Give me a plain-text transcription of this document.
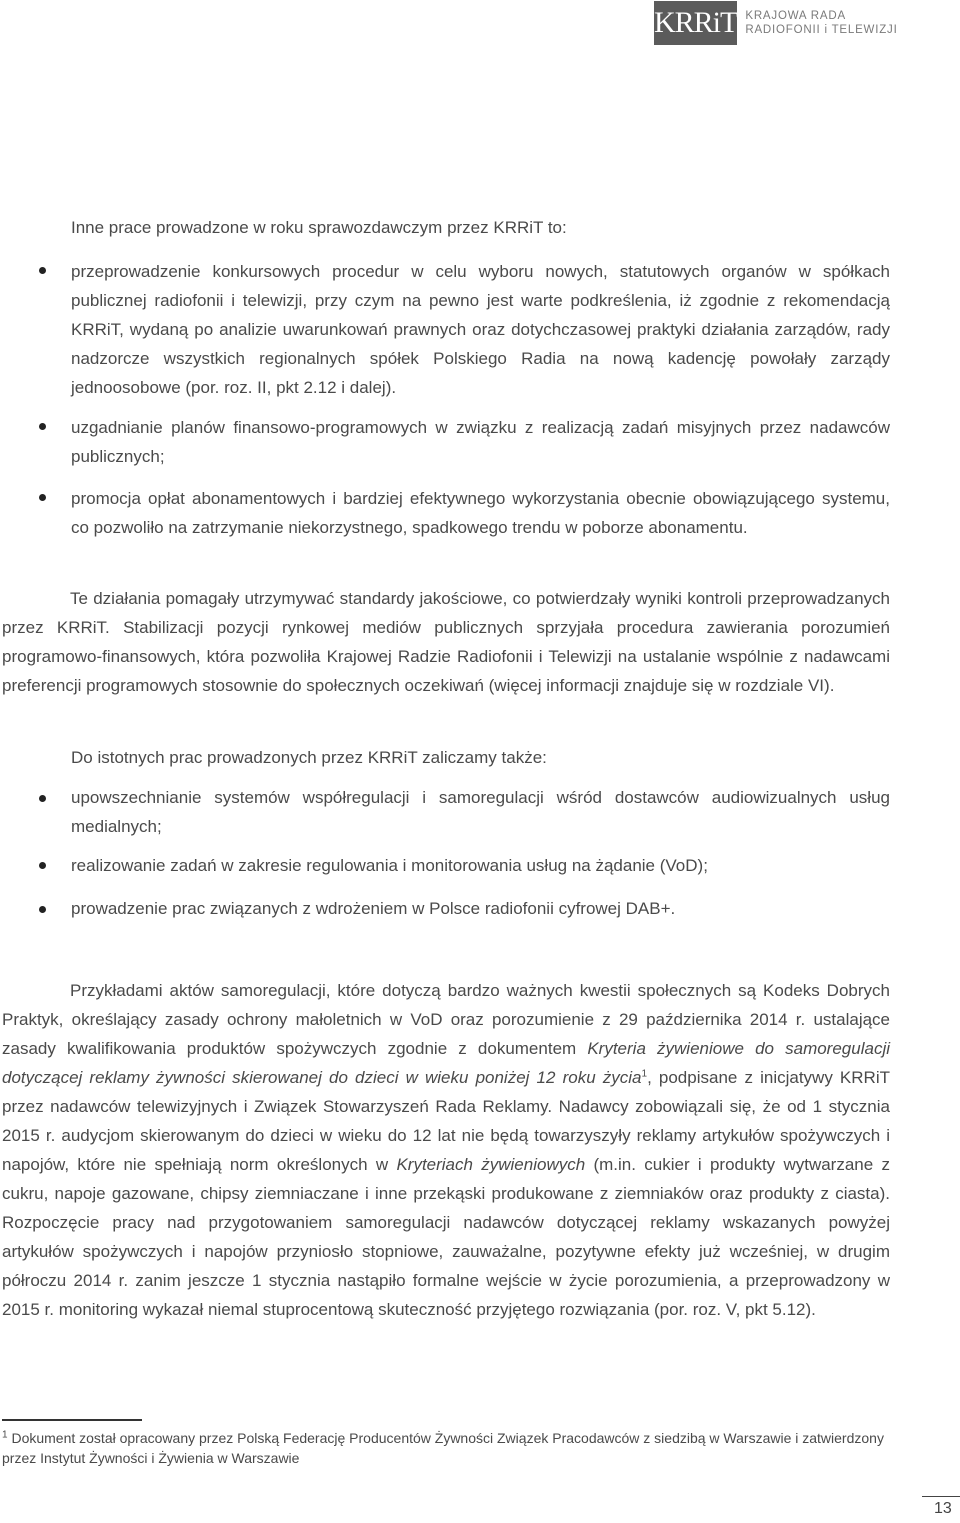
KRRiT KRAJOWA RADA
RADIOFONII i TELEWIZJI

Inne prace prowadzone w roku sprawozdawczym przez KRRiT to:

przeprowadzenie konkursowych procedur w celu wyboru nowych, statutowych organów w spółkach publicznej radiofonii i telewizji, przy czym na pewno jest warte podkreślenia, iż zgodnie z rekomendacją KRRiT, wydaną po analizie uwarunkowań prawnych oraz dotychczasowej praktyki działania zarządów, rady nadzorcze wszystkich regionalnych spółek Polskiego Radia na nową kadencję powołały zarządy jednoosobowe (por. roz. II, pkt 2.12 i dalej).

uzgadnianie planów finansowo-programowych w związku z realizacją zadań misyjnych przez nadawców publicznych;

promocja opłat abonamentowych i bardziej efektywnego wykorzystania obecnie obowiązującego systemu, co pozwoliło na zatrzymanie niekorzystnego, spadkowego trendu w poborze abonamentu.

Te działania pomagały utrzymywać standardy jakościowe, co potwierdzały wyniki kontroli przeprowadzanych przez KRRiT. Stabilizacji pozycji rynkowej mediów publicznych sprzyjała procedura zawierania porozumień programowo-finansowych, która pozwoliła Krajowej Radzie Radiofonii i Telewizji na ustalanie wspólnie z nadawcami preferencji programowych stosownie do społecznych oczekiwań (więcej informacji znajduje się w rozdziale VI).

Do istotnych prac prowadzonych przez KRRiT zaliczamy także:

upowszechnianie systemów współregulacji i samoregulacji wśród dostawców audiowizualnych usług medialnych;

realizowanie zadań w zakresie regulowania i monitorowania usług na żądanie (VoD);

prowadzenie prac związanych z wdrożeniem w Polsce radiofonii cyfrowej DAB+.

Przykładami aktów samoregulacji, które dotyczą bardzo ważnych kwestii społecznych są Kodeks Dobrych Praktyk, określający zasady ochrony małoletnich w VoD oraz porozumienie z 29 października 2014 r. ustalające zasady kwalifikowania produktów spożywczych zgodnie z dokumentem Kryteria żywieniowe do samoregulacji dotyczącej reklamy żywności skierowanej do dzieci w wieku poniżej 12 roku życia$^1$, podpisane z inicjatywy KRRiT przez nadawców telewizyjnych i Związek Stowarzyszeń Rada Reklamy. Nadawcy zobowiązali się, że od 1 stycznia 2015 r. audycjom skierowanym do dzieci w wieku do 12 lat nie będą towarzyszyły reklamy artykułów spożywczych i napojów, które nie spełniają norm określonych w Kryteriach żywieniowych (m.in. cukier i produkty wytwarzane z cukru, napoje gazowane, chipsy ziemniaczane i inne przekąski produkowane z ziemniaków oraz produkty z ciasta). Rozpoczęcie pracy nad przygotowaniem samoregulacji nadawców dotyczącej reklamy wskazanych powyżej artykułów spożywczych i napojów przyniosło stopniowe, zauważalne, pozytywne efekty już wcześniej, w drugim półroczu 2014 r. zanim jeszcze 1 stycznia nastąpiło formalne wejście w życie porozumienia, a przeprowadzony w 2015 r. monitoring wykazał niemal stuprocentową skuteczność przyjętego rozwiązania (por. roz. V, pkt 5.12).

$^1$ Dokument został opracowany przez Polską Federację Producentów Żywności Związek Pracodawców z siedzibą w Warszawie i zatwierdzony przez Instytut Żywności i Żywienia w Warszawie
13
